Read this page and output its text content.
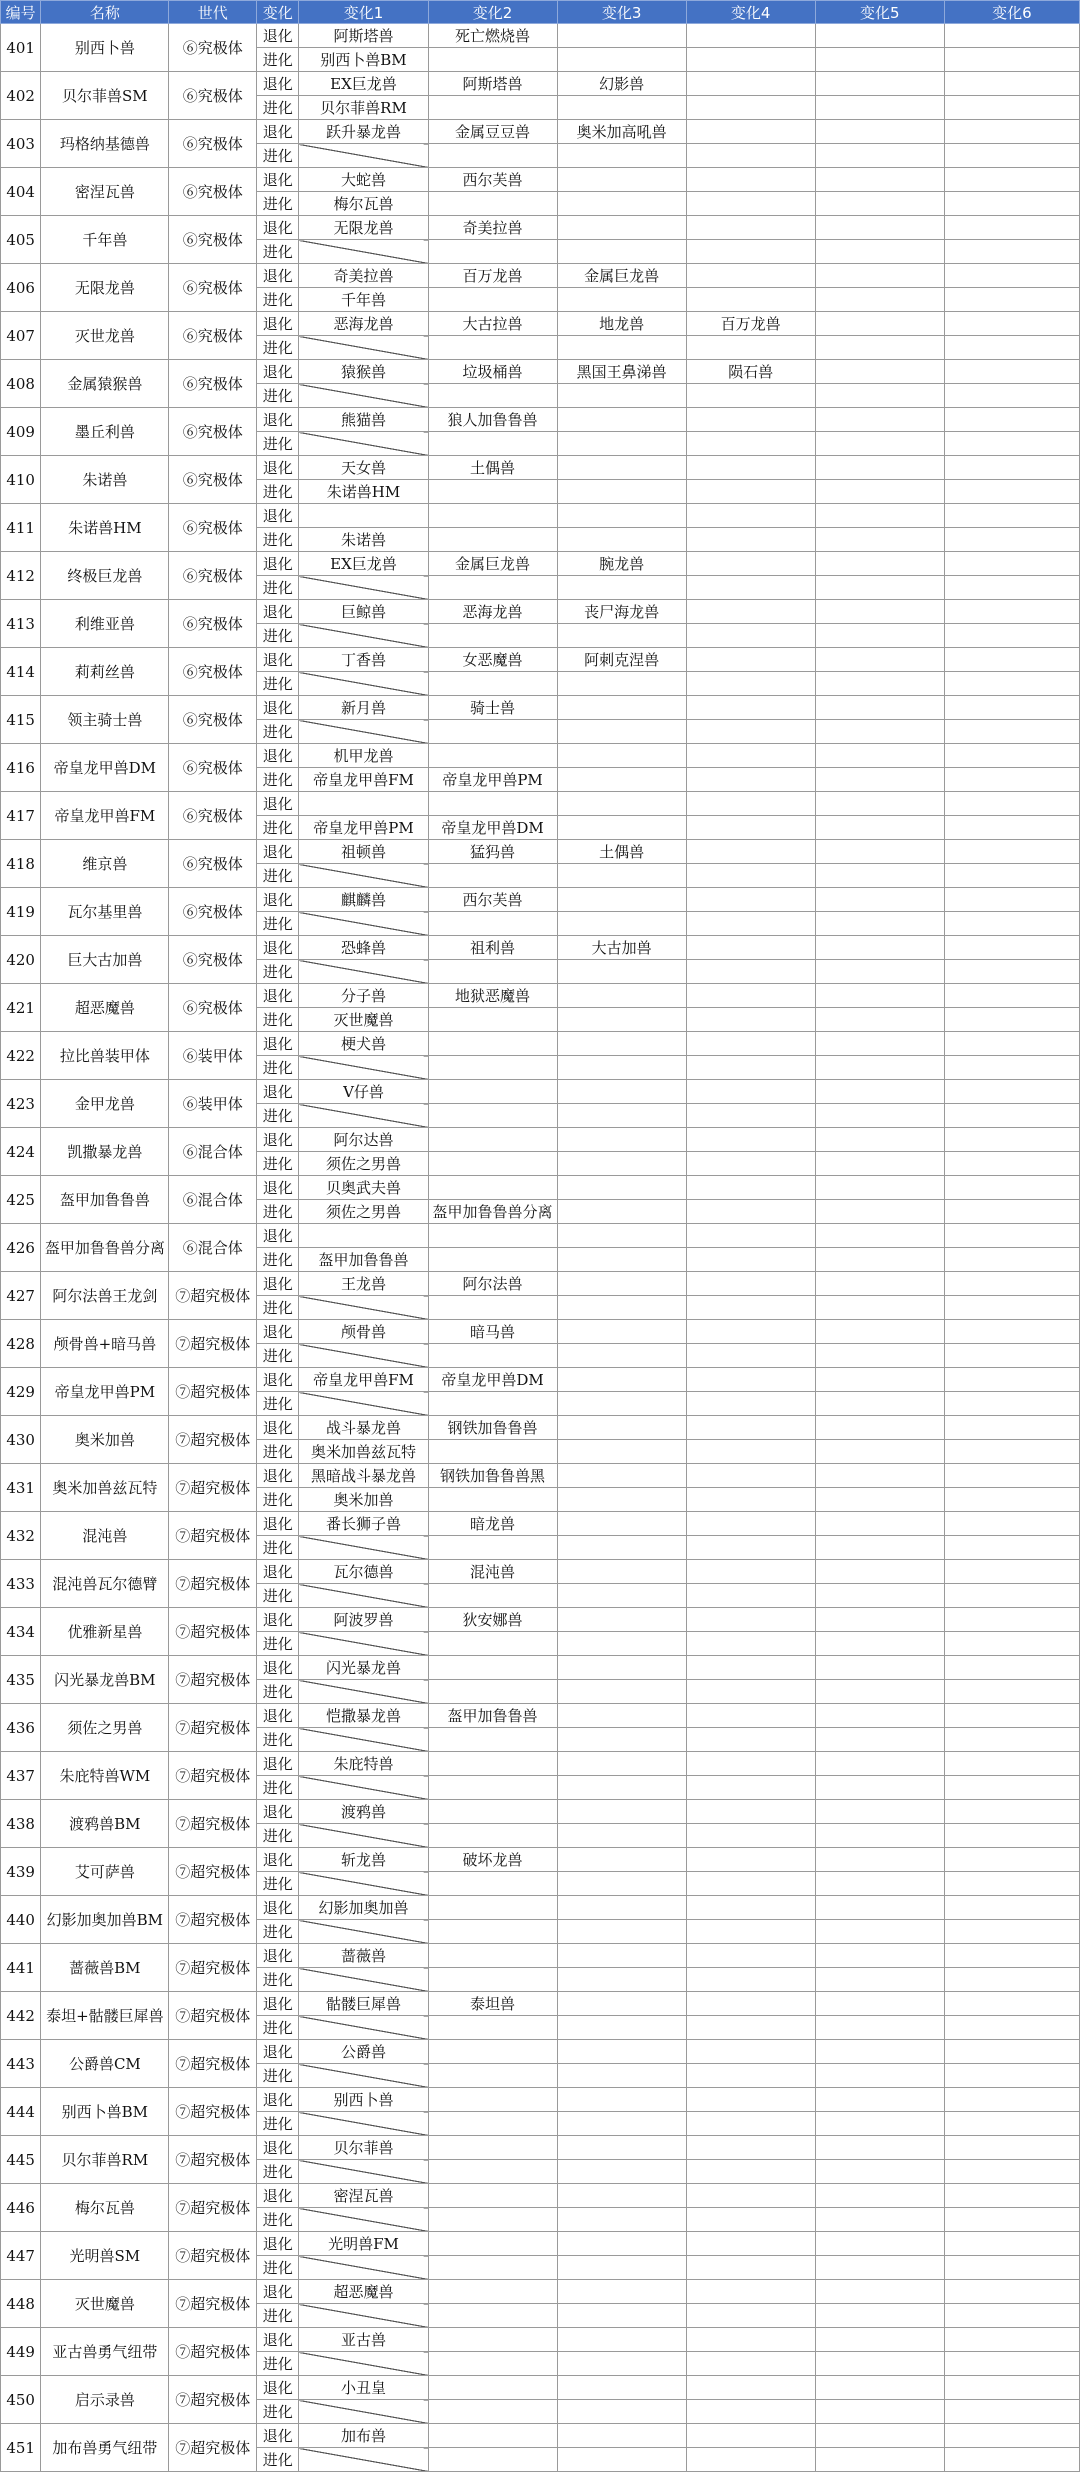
编号	名称	世代	变化	变化1	变化2	变化3	变化4	变化5	变化6
401	别西卜兽	⑥究极体	退化	阿斯塔兽	死亡燃烧兽				
			进化	别西卜兽BM					
402	贝尔菲兽SM	⑥究极体	退化	EX巨龙兽	阿斯塔兽	幻影兽			
			进化	贝尔菲兽RM					
403	玛格纳基德兽	⑥究极体	退化	跃升暴龙兽	金属豆豆兽	奥米加高吼兽			
			进化						
404	密涅瓦兽	⑥究极体	退化	大蛇兽	西尔芙兽				
			进化	梅尔瓦兽					
405	千年兽	⑥究极体	退化	无限龙兽	奇美拉兽				
			进化						
406	无限龙兽	⑥究极体	退化	奇美拉兽	百万龙兽	金属巨龙兽			
			进化	千年兽					
407	灭世龙兽	⑥究极体	退化	恶海龙兽	大古拉兽	地龙兽	百万龙兽		
			进化						
408	金属猿猴兽	⑥究极体	退化	猿猴兽	垃圾桶兽	黑国王鼻涕兽	陨石兽		
			进化						
409	墨丘利兽	⑥究极体	退化	熊猫兽	狼人加鲁鲁兽				
			进化						
410	朱诺兽	⑥究极体	退化	天女兽	土偶兽				
			进化	朱诺兽HM					
411	朱诺兽HM	⑥究极体	退化						
			进化	朱诺兽					
412	终极巨龙兽	⑥究极体	退化	EX巨龙兽	金属巨龙兽	腕龙兽			
			进化						
413	利维亚兽	⑥究极体	退化	巨鲸兽	恶海龙兽	丧尸海龙兽			
			进化						
414	莉莉丝兽	⑥究极体	退化	丁香兽	女恶魔兽	阿刺克涅兽			
			进化						
415	领主骑士兽	⑥究极体	退化	新月兽	骑士兽				
			进化						
416	帝皇龙甲兽DM	⑥究极体	退化	机甲龙兽					
			进化	帝皇龙甲兽FM	帝皇龙甲兽PM				
417	帝皇龙甲兽FM	⑥究极体	退化						
			进化	帝皇龙甲兽PM	帝皇龙甲兽DM				
418	维京兽	⑥究极体	退化	祖顿兽	猛犸兽	土偶兽			
			进化						
419	瓦尔基里兽	⑥究极体	退化	麒麟兽	西尔芙兽				
			进化						
420	巨大古加兽	⑥究极体	退化	恐蜂兽	祖利兽	大古加兽			
			进化						
421	超恶魔兽	⑥究极体	退化	分子兽	地狱恶魔兽				
			进化	灭世魔兽					
422	拉比兽装甲体	⑥装甲体	退化	梗犬兽					
			进化						
423	金甲龙兽	⑥装甲体	退化	V仔兽					
			进化						
424	凯撒暴龙兽	⑥混合体	退化	阿尔达兽					
			进化	须佐之男兽					
425	盔甲加鲁鲁兽	⑥混合体	退化	贝奥武夫兽					
			进化	须佐之男兽	盔甲加鲁鲁兽分离				
426	盔甲加鲁鲁兽分离	⑥混合体	退化						
			进化	盔甲加鲁鲁兽					
427	阿尔法兽王龙剑	⑦超究极体	退化	王龙兽	阿尔法兽				
			进化						
428	颅骨兽+暗马兽	⑦超究极体	退化	颅骨兽	暗马兽				
			进化						
429	帝皇龙甲兽PM	⑦超究极体	退化	帝皇龙甲兽FM	帝皇龙甲兽DM				
			进化						
430	奥米加兽	⑦超究极体	退化	战斗暴龙兽	钢铁加鲁鲁兽				
			进化	奥米加兽兹瓦特					
431	奥米加兽兹瓦特	⑦超究极体	退化	黑暗战斗暴龙兽	钢铁加鲁鲁兽黑				
			进化	奥米加兽					
432	混沌兽	⑦超究极体	退化	番长狮子兽	暗龙兽				
			进化						
433	混沌兽瓦尔德臂	⑦超究极体	退化	瓦尔德兽	混沌兽				
			进化						
434	优雅新星兽	⑦超究极体	退化	阿波罗兽	狄安娜兽				
			进化						
435	闪光暴龙兽BM	⑦超究极体	退化	闪光暴龙兽					
			进化						
436	须佐之男兽	⑦超究极体	退化	恺撒暴龙兽	盔甲加鲁鲁兽				
			进化						
437	朱庇特兽WM	⑦超究极体	退化	朱庇特兽					
			进化						
438	渡鸦兽BM	⑦超究极体	退化	渡鸦兽					
			进化						
439	艾可萨兽	⑦超究极体	退化	斩龙兽	破坏龙兽				
			进化						
440	幻影加奥加兽BM	⑦超究极体	退化	幻影加奥加兽					
			进化						
441	蔷薇兽BM	⑦超究极体	退化	蔷薇兽					
			进化						
442	泰坦+骷髅巨犀兽	⑦超究极体	退化	骷髅巨犀兽	泰坦兽				
			进化						
443	公爵兽CM	⑦超究极体	退化	公爵兽					
			进化						
444	别西卜兽BM	⑦超究极体	退化	别西卜兽					
			进化						
445	贝尔菲兽RM	⑦超究极体	退化	贝尔菲兽					
			进化						
446	梅尔瓦兽	⑦超究极体	退化	密涅瓦兽					
			进化						
447	光明兽SM	⑦超究极体	退化	光明兽FM					
			进化						
448	灭世魔兽	⑦超究极体	退化	超恶魔兽					
			进化						
449	亚古兽勇气纽带	⑦超究极体	退化	亚古兽					
			进化						
450	启示录兽	⑦超究极体	退化	小丑皇					
			进化						
451	加布兽勇气纽带	⑦超究极体	退化	加布兽					
			进化						
